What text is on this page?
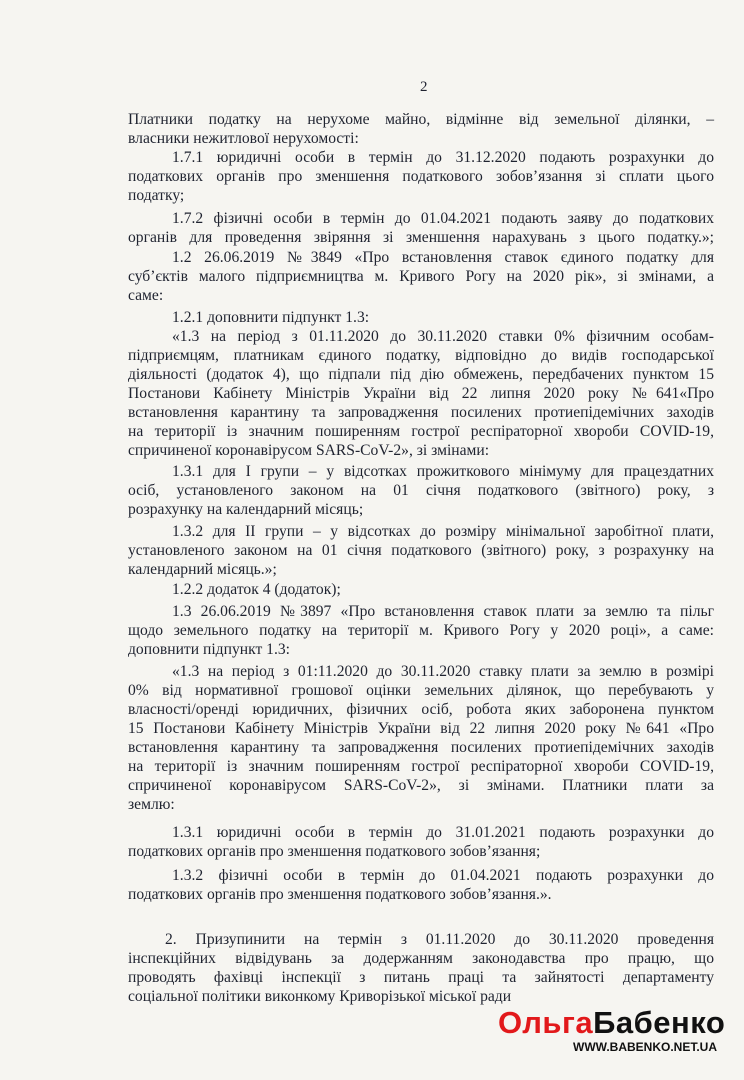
2
Платники податку на нерухоме майно, відмінне від земельної ділянки, –
власники нежитлової нерухомості:
1.7.1 юридичні особи в термін до 31.12.2020 подають розрахунки до
податкових органів про зменшення податкового зобов’язання зі сплати цього
податку;
1.7.2 фізичні особи в термін до 01.04.2021 подають заяву до податкових
органів для проведення звіряння зі зменшення нарахувань з цього податку.»;
1.2 26.06.2019 №3849 «Про встановлення ставок єдиного податку для
суб’єктів малого підприємництва м. Кривого Рогу на 2020 рік», зі змінами, а
саме:
1.2.1 доповнити підпункт 1.3:
«1.3 на період з 01.11.2020 до 30.11.2020 ставки 0% фізичним особам-
підприємцям, платникам єдиного податку, відповідно до видів господарської
діяльності (додаток 4), що підпали під дію обмежень, передбачених пунктом 15
Постанови Кабінету Міністрів України від 22 липня 2020 року №641«Про
встановлення карантину та запровадження посилених протиепідемічних заходів
на території із значним поширенням гострої респіраторної хвороби COVID-19,
спричиненої коронавірусом SARS-CoV-2», зі змінами:
1.3.1 для І групи – у відсотках прожиткового мінімуму для працездатних
осіб, установленого законом на 01 січня податкового (звітного) року, з
розрахунку на календарний місяць;
1.3.2 для ІІ групи – у відсотках до розміру мінімальної заробітної плати,
установленого законом на 01 січня податкового (звітного) року, з розрахунку на
календарний місяць.»;
1.2.2 додаток 4 (додаток);
1.3 26.06.2019 №3897 «Про встановлення ставок плати за землю та пільг
щодо земельного податку на території м. Кривого Рогу у 2020 році», а саме:
доповнити підпункт 1.3:
«1.3 на період з 01:11.2020 до 30.11.2020 ставку плати за землю в розмірі
0% від нормативної грошової оцінки земельних ділянок, що перебувають у
власності/оренді юридичних, фізичних осіб, робота яких заборонена пунктом
15 Постанови Кабінету Міністрів України від 22 липня 2020 року №641 «Про
встановлення карантину та запровадження посилених протиепідемічних заходів
на території із значним поширенням гострої респіраторної хвороби COVID-19,
спричиненої коронавірусом SARS-CoV-2», зі змінами. Платники плати за
землю:
1.3.1 юридичні особи в термін до 31.01.2021 подають розрахунки до
податкових органів про зменшення податкового зобов’язання;
1.3.2 фізичні особи в термін до 01.04.2021 подають розрахунки до
податкових органів про зменшення податкового зобов’язання.».
2. Призупинити на термін з 01.11.2020 до 30.11.2020 проведення
інспекційних відвідувань за додержанням законодавства про працю, що
проводять фахівці інспекції з питань праці та зайнятості департаменту
соціальної політики виконкому Криворізької міської ради
ОльгаБабенко
WWW.BABENKO.NET.UA
